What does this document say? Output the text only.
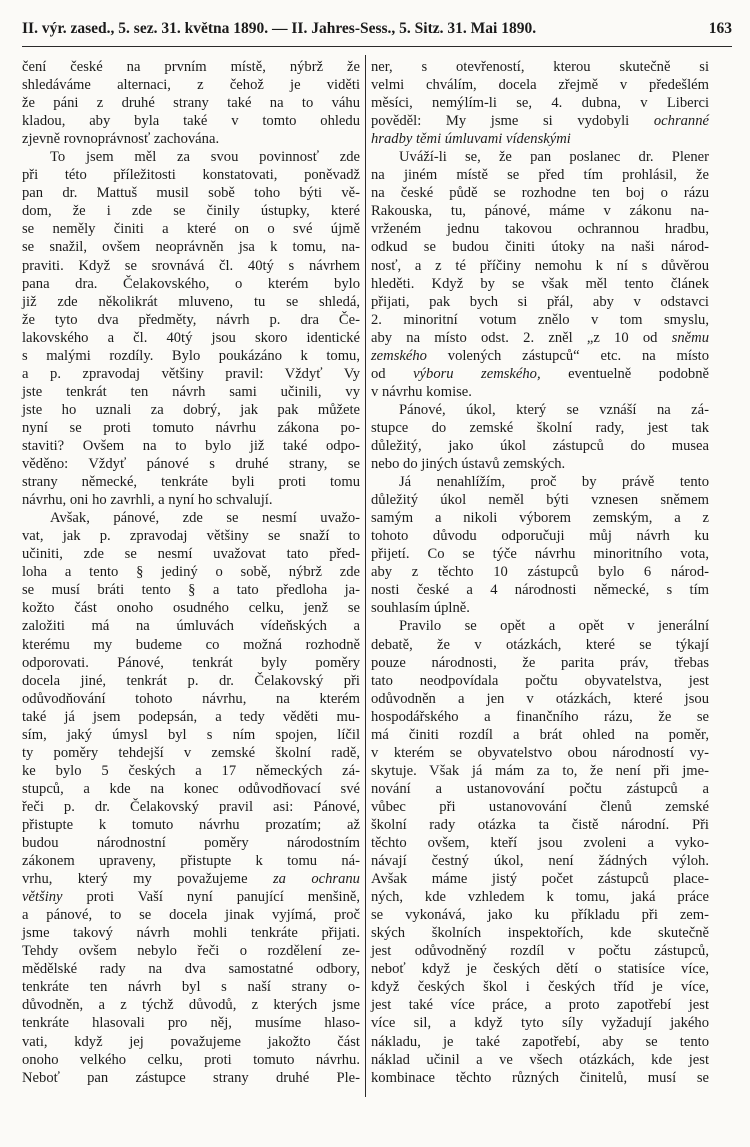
II. výr. zased., 5. sez. 31. května 1890. — II. Jahres-Sess., 5. Sitz. 31. Mai 1890.	163
čení české na prvním místě, nýbrž že
shledáváme alternaci, z čehož je viděti
že páni z druhé strany také na to váhu
kladou, aby byla také v tomto ohledu
zjevně rovnoprávnosť zachována.
To jsem měl za svou povinnosť zde
při této příležitosti konstatovati, poněvadž
pan dr. Mattuš musil sobě toho býti vě-
dom, že i zde se činily ústupky, které
se neměly činiti a které on o své újmě
se snažil, ovšem neoprávněn jsa k tomu, na-
praviti. Když se srovnává čl. 40tý s návrhem
pana dra. Čelakovského, o kterém bylo
již zde několikrát mluveno, tu se shledá,
že tyto dva předměty, návrh p. dra Če-
lakovského a čl. 40tý jsou skoro identické
s malými rozdíly. Bylo poukázáno k tomu,
a p. zpravodaj většiny pravil: Vždyť Vy
jste tenkrát ten návrh sami učinili, vy
jste ho uznali za dobrý, jak pak můžete
nyní se proti tomuto návrhu zákona po-
staviti? Ovšem na to bylo již také odpo-
věděno: Vždyť pánové s druhé strany, se
strany německé, tenkráte byli proti tomu
návrhu, oni ho zavrhli, a nyní ho schvalují.
Avšak, pánové, zde se nesmí uvažo-
vat, jak p. zpravodaj většiny se snaží to
učiniti, zde se nesmí uvažovat tato před-
loha a tento § jediný o sobě, nýbrž zde
se musí bráti tento § a tato předloha ja-
kožto část onoho osudného celku, jenž se
založiti má na úmluvách vídeňských a
kterému my budeme co možná rozhodně
odporovati. Pánové, tenkrát byly poměry
docela jiné, tenkrát p. dr. Čelakovský při
odůvodňování tohoto návrhu, na kterém
také já jsem podepsán, a tedy věděti mu-
sím, jaký úmysl byl s ním spojen, líčil
ty poměry tehdejší v zemské školní radě,
ke bylo 5 českých a 17 německých zá-
stupců, a kde na konec odůvodňovací své
řeči p. dr. Čelakovský pravil asi: Pánové,
přistupte k tomuto návrhu prozatím; až
budou národnostní poměry národostním
zákonem upraveny, přistupte k tomu ná-
vrhu, který my považujeme za ochranu
většiny proti Vaší nyní panující menšině,
a pánové, to se docela jinak vyjímá, proč
jsme takový návrh mohli tenkráte přijati.
Tehdy ovšem nebylo řeči o rozdělení ze-
mědělské rady na dva samostatné odbory,
tenkráte ten návrh byl s naší strany o-
důvodněn, a z týchž důvodů, z kterých jsme
tenkráte hlasovali pro něj, musíme hlaso-
vati, když jej považujeme jakožto část
onoho velkého celku, proti tomuto návrhu.
Neboť pan zástupce strany druhé Ple-
ner, s otevřeností, kterou skutečně si
velmi chválím, docela zřejmě v předešlém
měsíci, nemýlím-li se, 4. dubna, v Liberci
pověděl: My jsme si vydobyli ochranné
hradby těmi úmluvami vídenskými
Uváží-li se, že pan poslanec dr. Plener
na jiném místě se před tím prohlásil, že
na české půdě se rozhodne ten boj o rázu
Rakouska, tu, pánové, máme v zákonu na-
vrženém jednu takovou ochrannou hradbu,
odkud se budou činiti útoky na naši národ-
nosť, a z té příčiny nemohu k ní s důvěrou
hleděti. Když by se však měl tento článek
přijati, pak bych si přál, aby v odstavci
2. minoritní votum znělo v tom smyslu,
aby na místo odst. 2. zněl „z 10 od sněmu
zemského volených zástupců“ etc. na místo
od výboru zemského, eventuelně podobně
v návrhu komise.
Pánové, úkol, který se vznáší na zá-
stupce do zemské školní rady, jest tak
důležitý, jako úkol zástupců do musea
nebo do jiných ústavů zemských.
Já nenahlížím, proč by právě tento
důležitý úkol neměl býti vznesen sněmem
samým a nikoli výborem zemským, a z
tohoto důvodu odporučuji můj návrh ku
přijetí. Co se týče návrhu minoritního vota,
aby z těchto 10 zástupců bylo 6 národ-
nosti české a 4 národnosti německé, s tím
souhlasím úplně.
Pravilo se opět a opět v jenerální
debatě, že v otázkách, které se týkají
pouze národnosti, že parita práv, třebas
tato neodpovídala počtu obyvatelstva, jest
odůvodněn a jen v otázkách, které jsou
hospodářského a finančního rázu, že se
má činiti rozdíl a brát ohled na poměr,
v kterém se obyvatelstvo obou národností vy-
skytuje. Však já mám za to, že není při jme-
nování a ustanovování počtu zástupců a
vůbec při ustanovování členů zemské
školní rady otázka ta čistě národní. Při
těchto ovšem, kteří jsou zvoleni a vyko-
návají čestný úkol, není žádných výloh.
Avšak máme jistý počet zástupců place-
ných, kde vzhledem k tomu, jaká práce
se vykonává, jako ku příkladu při zem-
ských školních inspektořích, kde skutečně
jest odůvodněný rozdíl v počtu zástupců,
neboť když je českých dětí o statisíce více,
když českých škol i českých tříd je více,
jest také více práce, a proto zapotřebí jest
více sil, a když tyto síly vyžadují jakého
nákladu, je také zapotřebí, aby se tento
náklad učinil a ve všech otázkách, kde jest
kombinace těchto různých činitelů, musí se
